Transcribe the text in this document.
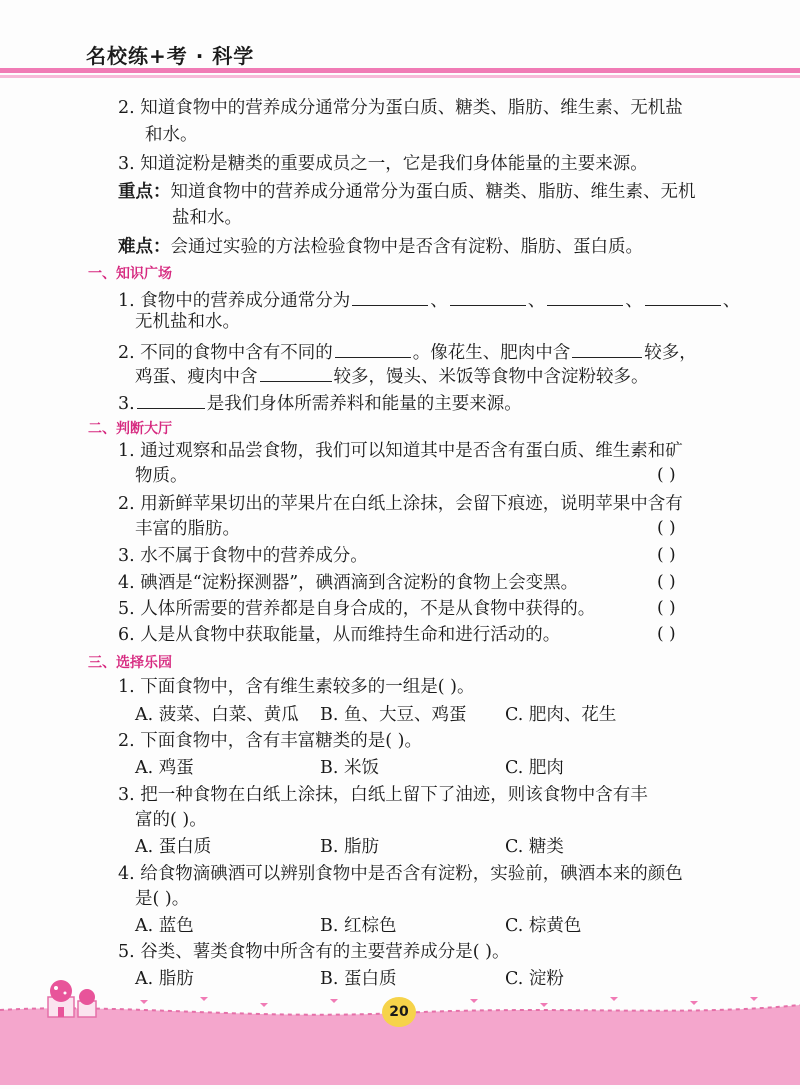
名校练+考 · 科学
2. 知道食物中的营养成分通常分为蛋白质、糖类、脂肪、维生素、无机盐
和水。
3. 知道淀粉是糖类的重要成员之一，它是我们身体能量的主要来源。
重点：知道食物中的营养成分通常分为蛋白质、糖类、脂肪、维生素、无机
盐和水。
难点：会通过实验的方法检验食物中是否含有淀粉、脂肪、蛋白质。
一、知识广场
1. 食物中的营养成分通常分为	、	、	、	、
无机盐和水。
2. 不同的食物中含有不同的	。像花生、肥肉中含	较多，
鸡蛋、瘦肉中含	较多，馒头、米饭等食物中含淀粉较多。
3.	是我们身体所需养料和能量的主要来源。
二、判断大厅
1. 通过观察和品尝食物，我们可以知道其中是否含有蛋白质、维生素和矿
物质。	( )
2. 用新鲜苹果切出的苹果片在白纸上涂抹，会留下痕迹，说明苹果中含有
丰富的脂肪。	( )
3. 水不属于食物中的营养成分。	( )
4. 碘酒是“淀粉探测器”，碘酒滴到含淀粉的食物上会变黑。	( )
5. 人体所需要的营养都是自身合成的，不是从食物中获得的。	( )
6. 人是从食物中获取能量，从而维持生命和进行活动的。	( )
三、选择乐园
1. 下面食物中，含有维生素较多的一组是( )。
A. 菠菜、白菜、黄瓜 B. 鱼、大豆、鸡蛋 C. 肥肉、花生
2. 下面食物中，含有丰富糖类的是( )。
A. 鸡蛋	B. 米饭	C. 肥肉
3. 把一种食物在白纸上涂抹，白纸上留下了油迹，则该食物中含有丰
富的( )。
A. 蛋白质	B. 脂肪	C. 糖类
4. 给食物滴碘酒可以辨别食物中是否含有淀粉，实验前，碘酒本来的颜色
是( )。
A. 蓝色	B. 红棕色	C. 棕黄色
5. 谷类、薯类食物中所含有的主要营养成分是( )。
A. 脂肪	B. 蛋白质	C. 淀粉
20
